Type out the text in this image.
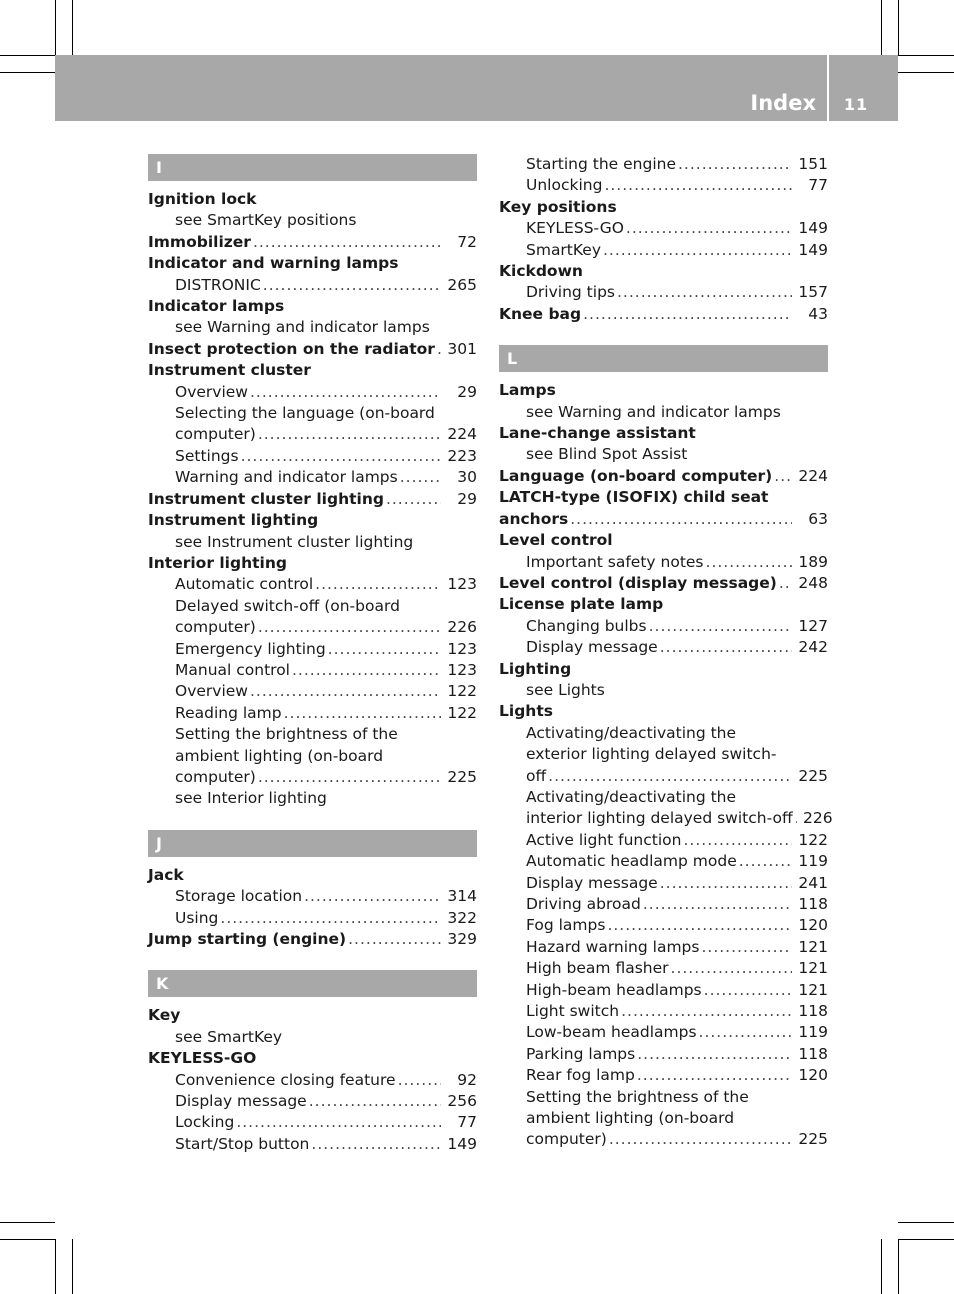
Index	11
I
Ignition lock
see SmartKey positions
Immobilizer .....	72
Indicator and warning lamps
DISTRONIC .....	265
Indicator lamps
see Warning and indicator lamps
Insect protection on the radiator ..... 301
Instrument cluster
Overview .....	29
Selecting the language (on-board
computer) .....	224
Settings .....	223
Warning and indicator lamps .....	30
Instrument cluster lighting .....	29
Instrument lighting
see Instrument cluster lighting
Interior lighting
Automatic control .....	123
Delayed switch-off (on-board
computer) .....	226
Emergency lighting .....	123
Manual control .....	123
Overview .....	122
Reading lamp .....	122
Setting the brightness of the
ambient lighting (on-board
computer) .....	225
see Interior lighting
J
Jack
Storage location .....	314
Using .....	322
Jump starting (engine) .....	329
K
Key
see SmartKey
KEYLESS-GO
Convenience closing feature .....	92
Display message .....	256
Locking .....	77
Start/Stop button .....	149
Starting the engine .....	151
Unlocking .....	77
Key positions
KEYLESS-GO .....	149
SmartKey .....	149
Kickdown
Driving tips .....	157
Knee bag .....	43
L
Lamps
see Warning and indicator lamps
Lane-change assistant
see Blind Spot Assist
Language (on-board computer) .....	224
LATCH-type (ISOFIX) child seat
anchors .....	63
Level control
Important safety notes .....	189
Level control (display message) .....	248
License plate lamp
Changing bulbs .....	127
Display message .....	242
Lighting
see Lights
Lights
Activating/deactivating the
exterior lighting delayed switch-
off .....	225
Activating/deactivating the
interior lighting delayed switch-off ..... 226
Active light function .....	122
Automatic headlamp mode .....	119
Display message .....	241
Driving abroad .....	118
Fog lamps .....	120
Hazard warning lamps .....	121
High beam flasher .....	121
High-beam headlamps .....	121
Light switch .....	118
Low-beam headlamps .....	119
Parking lamps .....	118
Rear fog lamp .....	120
Setting the brightness of the
ambient lighting (on-board
computer) .....	225
